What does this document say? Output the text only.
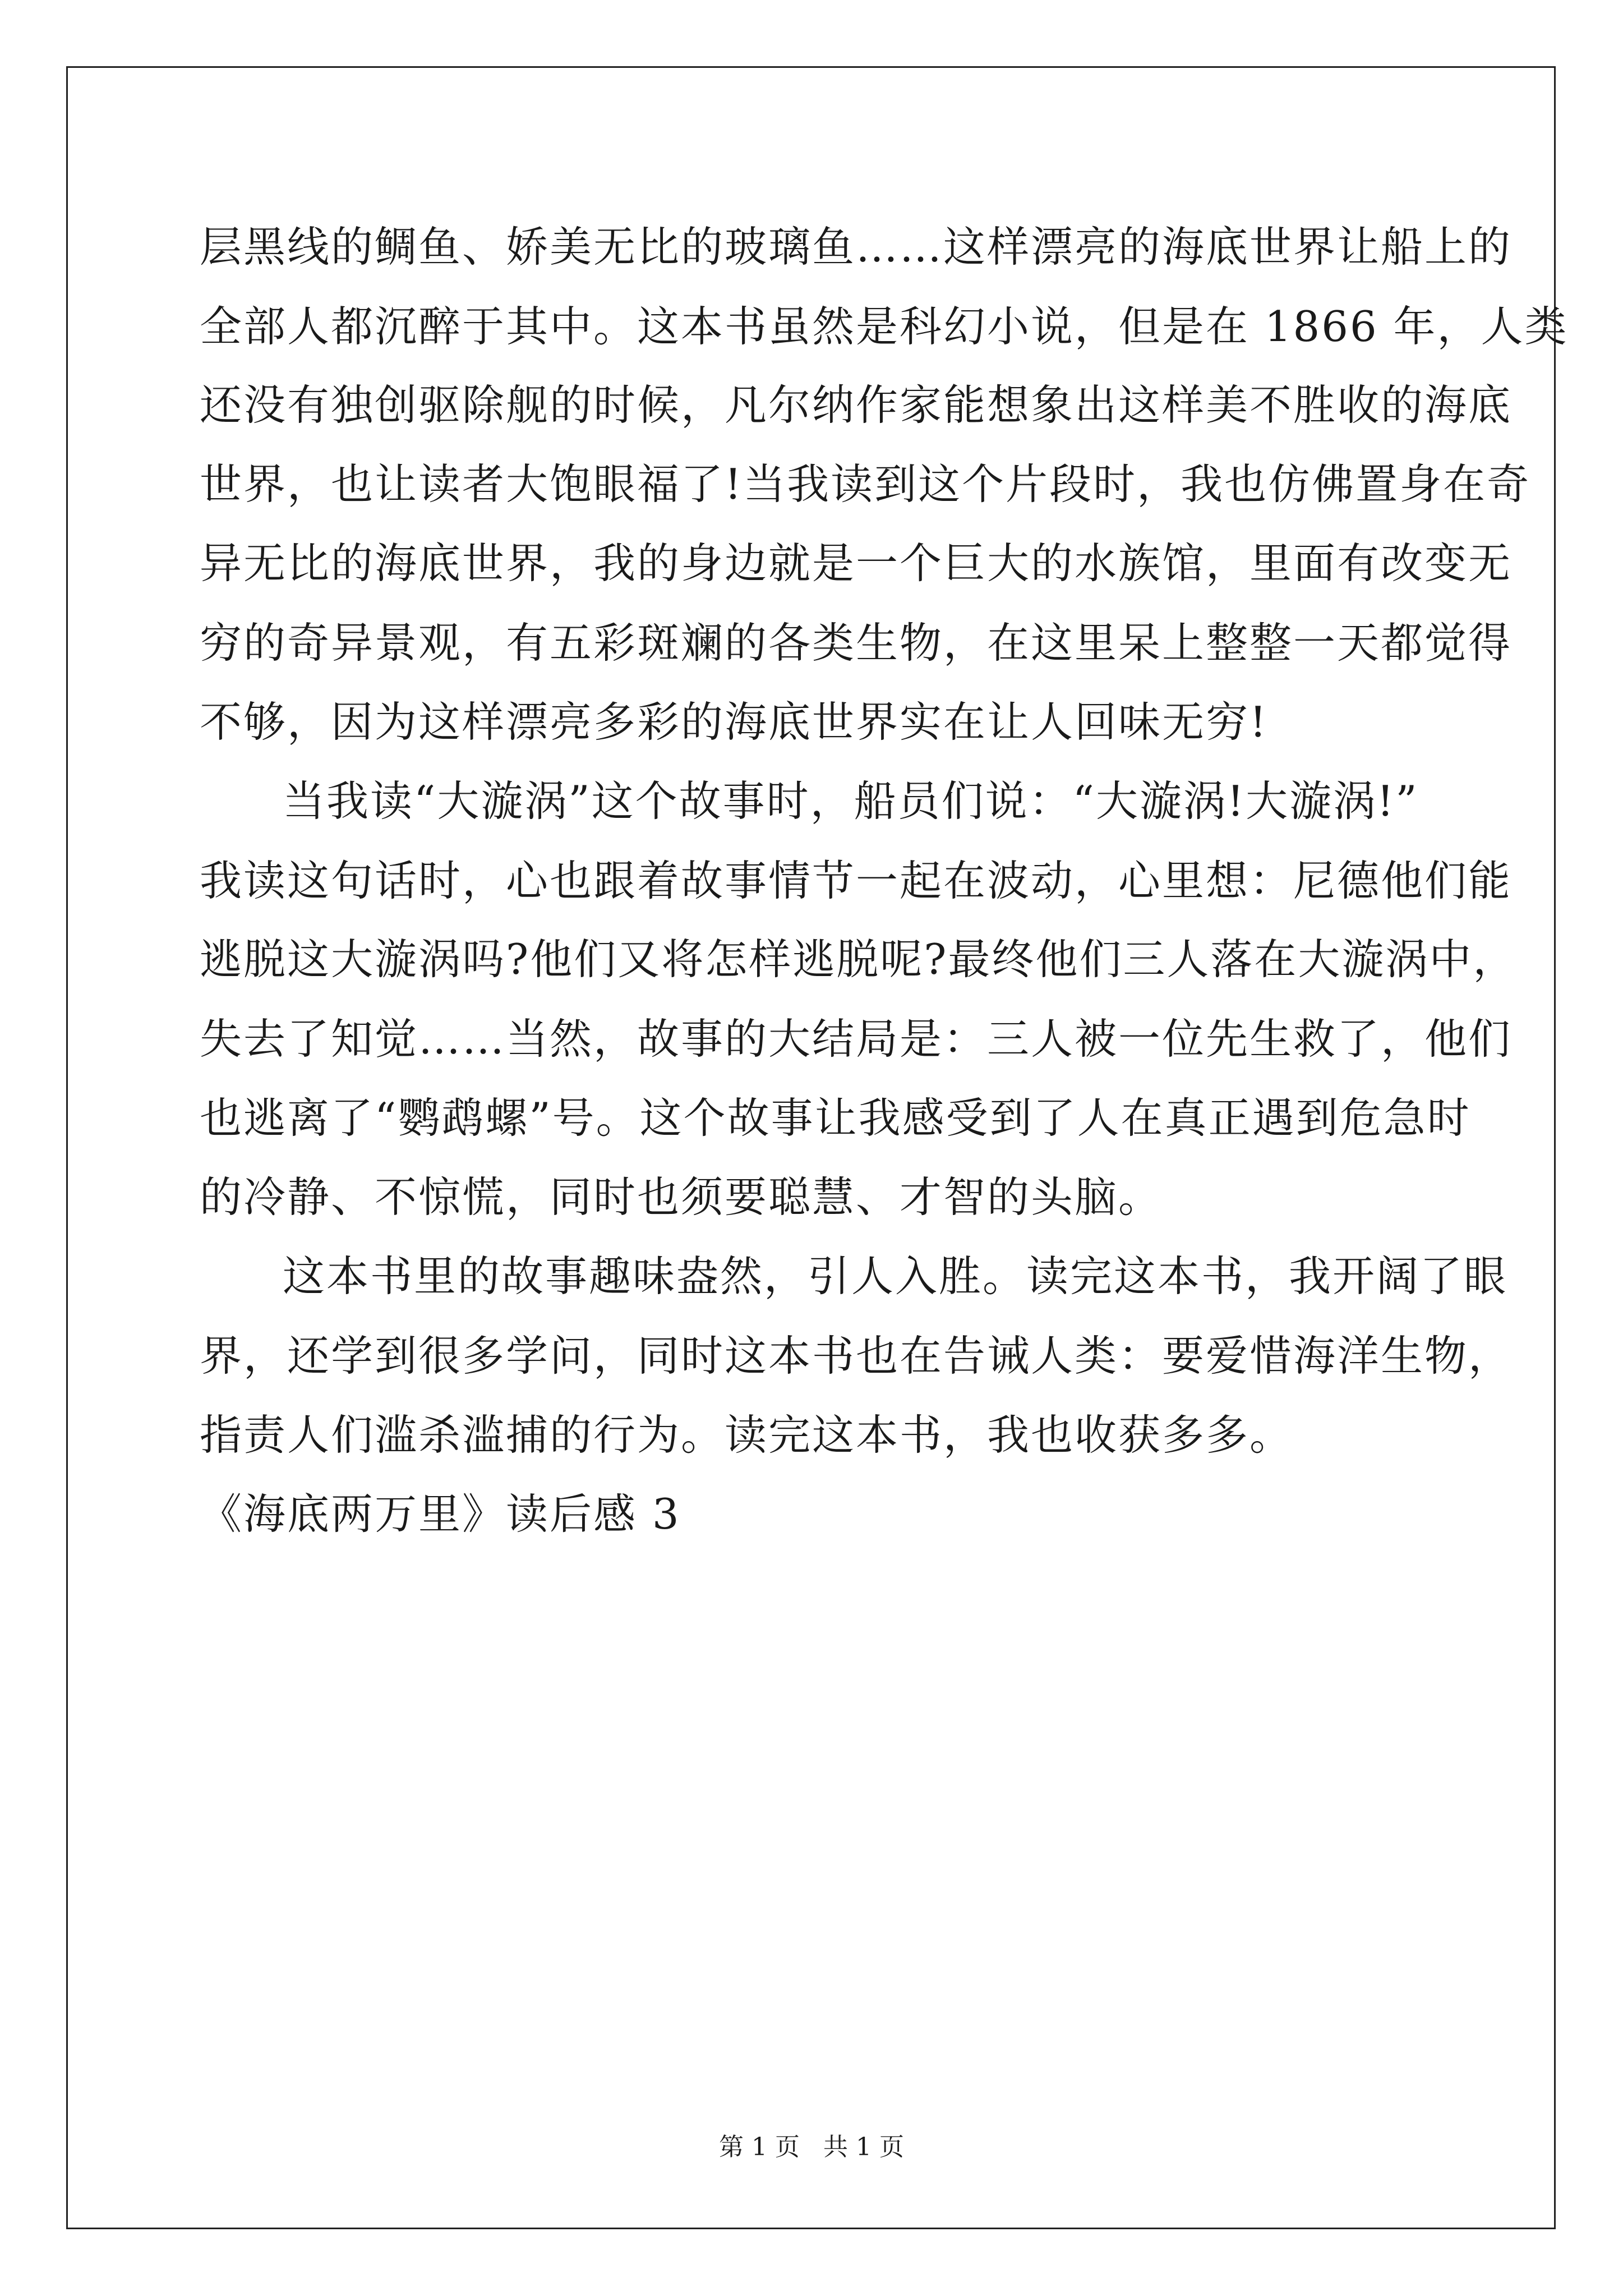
层黑线的鲷鱼、娇美无比的玻璃鱼……这样漂亮的海底世界让船上的
全部人都沉醉于其中。这本书虽然是科幻小说，但是在 1866 年，人类
还没有独创驱除舰的时候，凡尔纳作家能想象出这样美不胜收的海底
世界，也让读者大饱眼福了!当我读到这个片段时，我也仿佛置身在奇
异无比的海底世界，我的身边就是一个巨大的水族馆，里面有改变无
穷的奇异景观，有五彩斑斓的各类生物，在这里呆上整整一天都觉得
不够，因为这样漂亮多彩的海底世界实在让人回味无穷!
当我读“大漩涡”这个故事时，船员们说：“大漩涡!大漩涡!”
我读这句话时，心也跟着故事情节一起在波动，心里想：尼德他们能
逃脱这大漩涡吗?他们又将怎样逃脱呢?最终他们三人落在大漩涡中，
失去了知觉……当然，故事的大结局是：三人被一位先生救了，他们
也逃离了“鹦鹉螺”号。这个故事让我感受到了人在真正遇到危急时
的冷静、不惊慌，同时也须要聪慧、才智的头脑。
这本书里的故事趣味盎然，引人入胜。读完这本书，我开阔了眼
界，还学到很多学问，同时这本书也在告诫人类：要爱惜海洋生物，
指责人们滥杀滥捕的行为。读完这本书，我也收获多多。
《海底两万里》读后感 3
第 1 页   共 1 页
